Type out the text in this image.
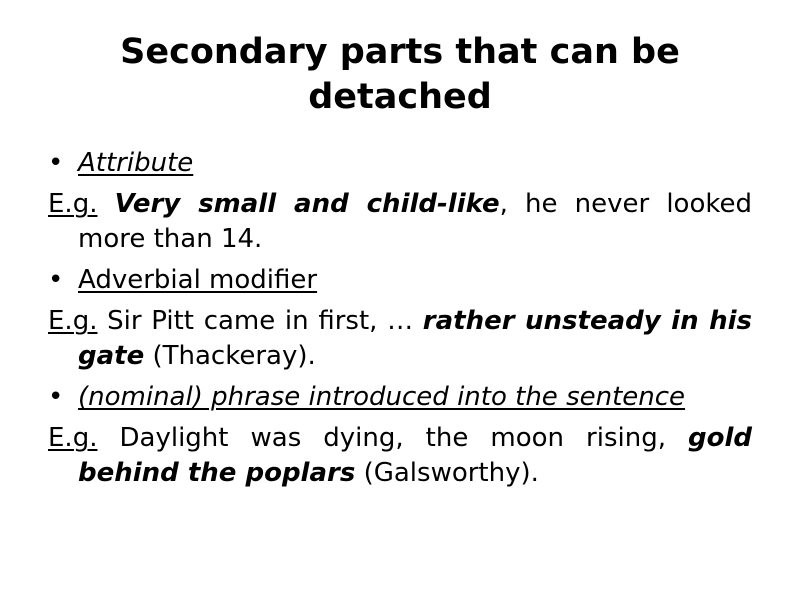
Secondary parts that can be detached

• Attribute

E.g. Very small and child-like, he never looked more than 14.

• Adverbial modifier

E.g. Sir Pitt came in first, … rather unsteady in his gate (Thackeray).

• (nominal) phrase introduced into the sentence

E.g. Daylight was dying, the moon rising, gold behind the poplars (Galsworthy).
